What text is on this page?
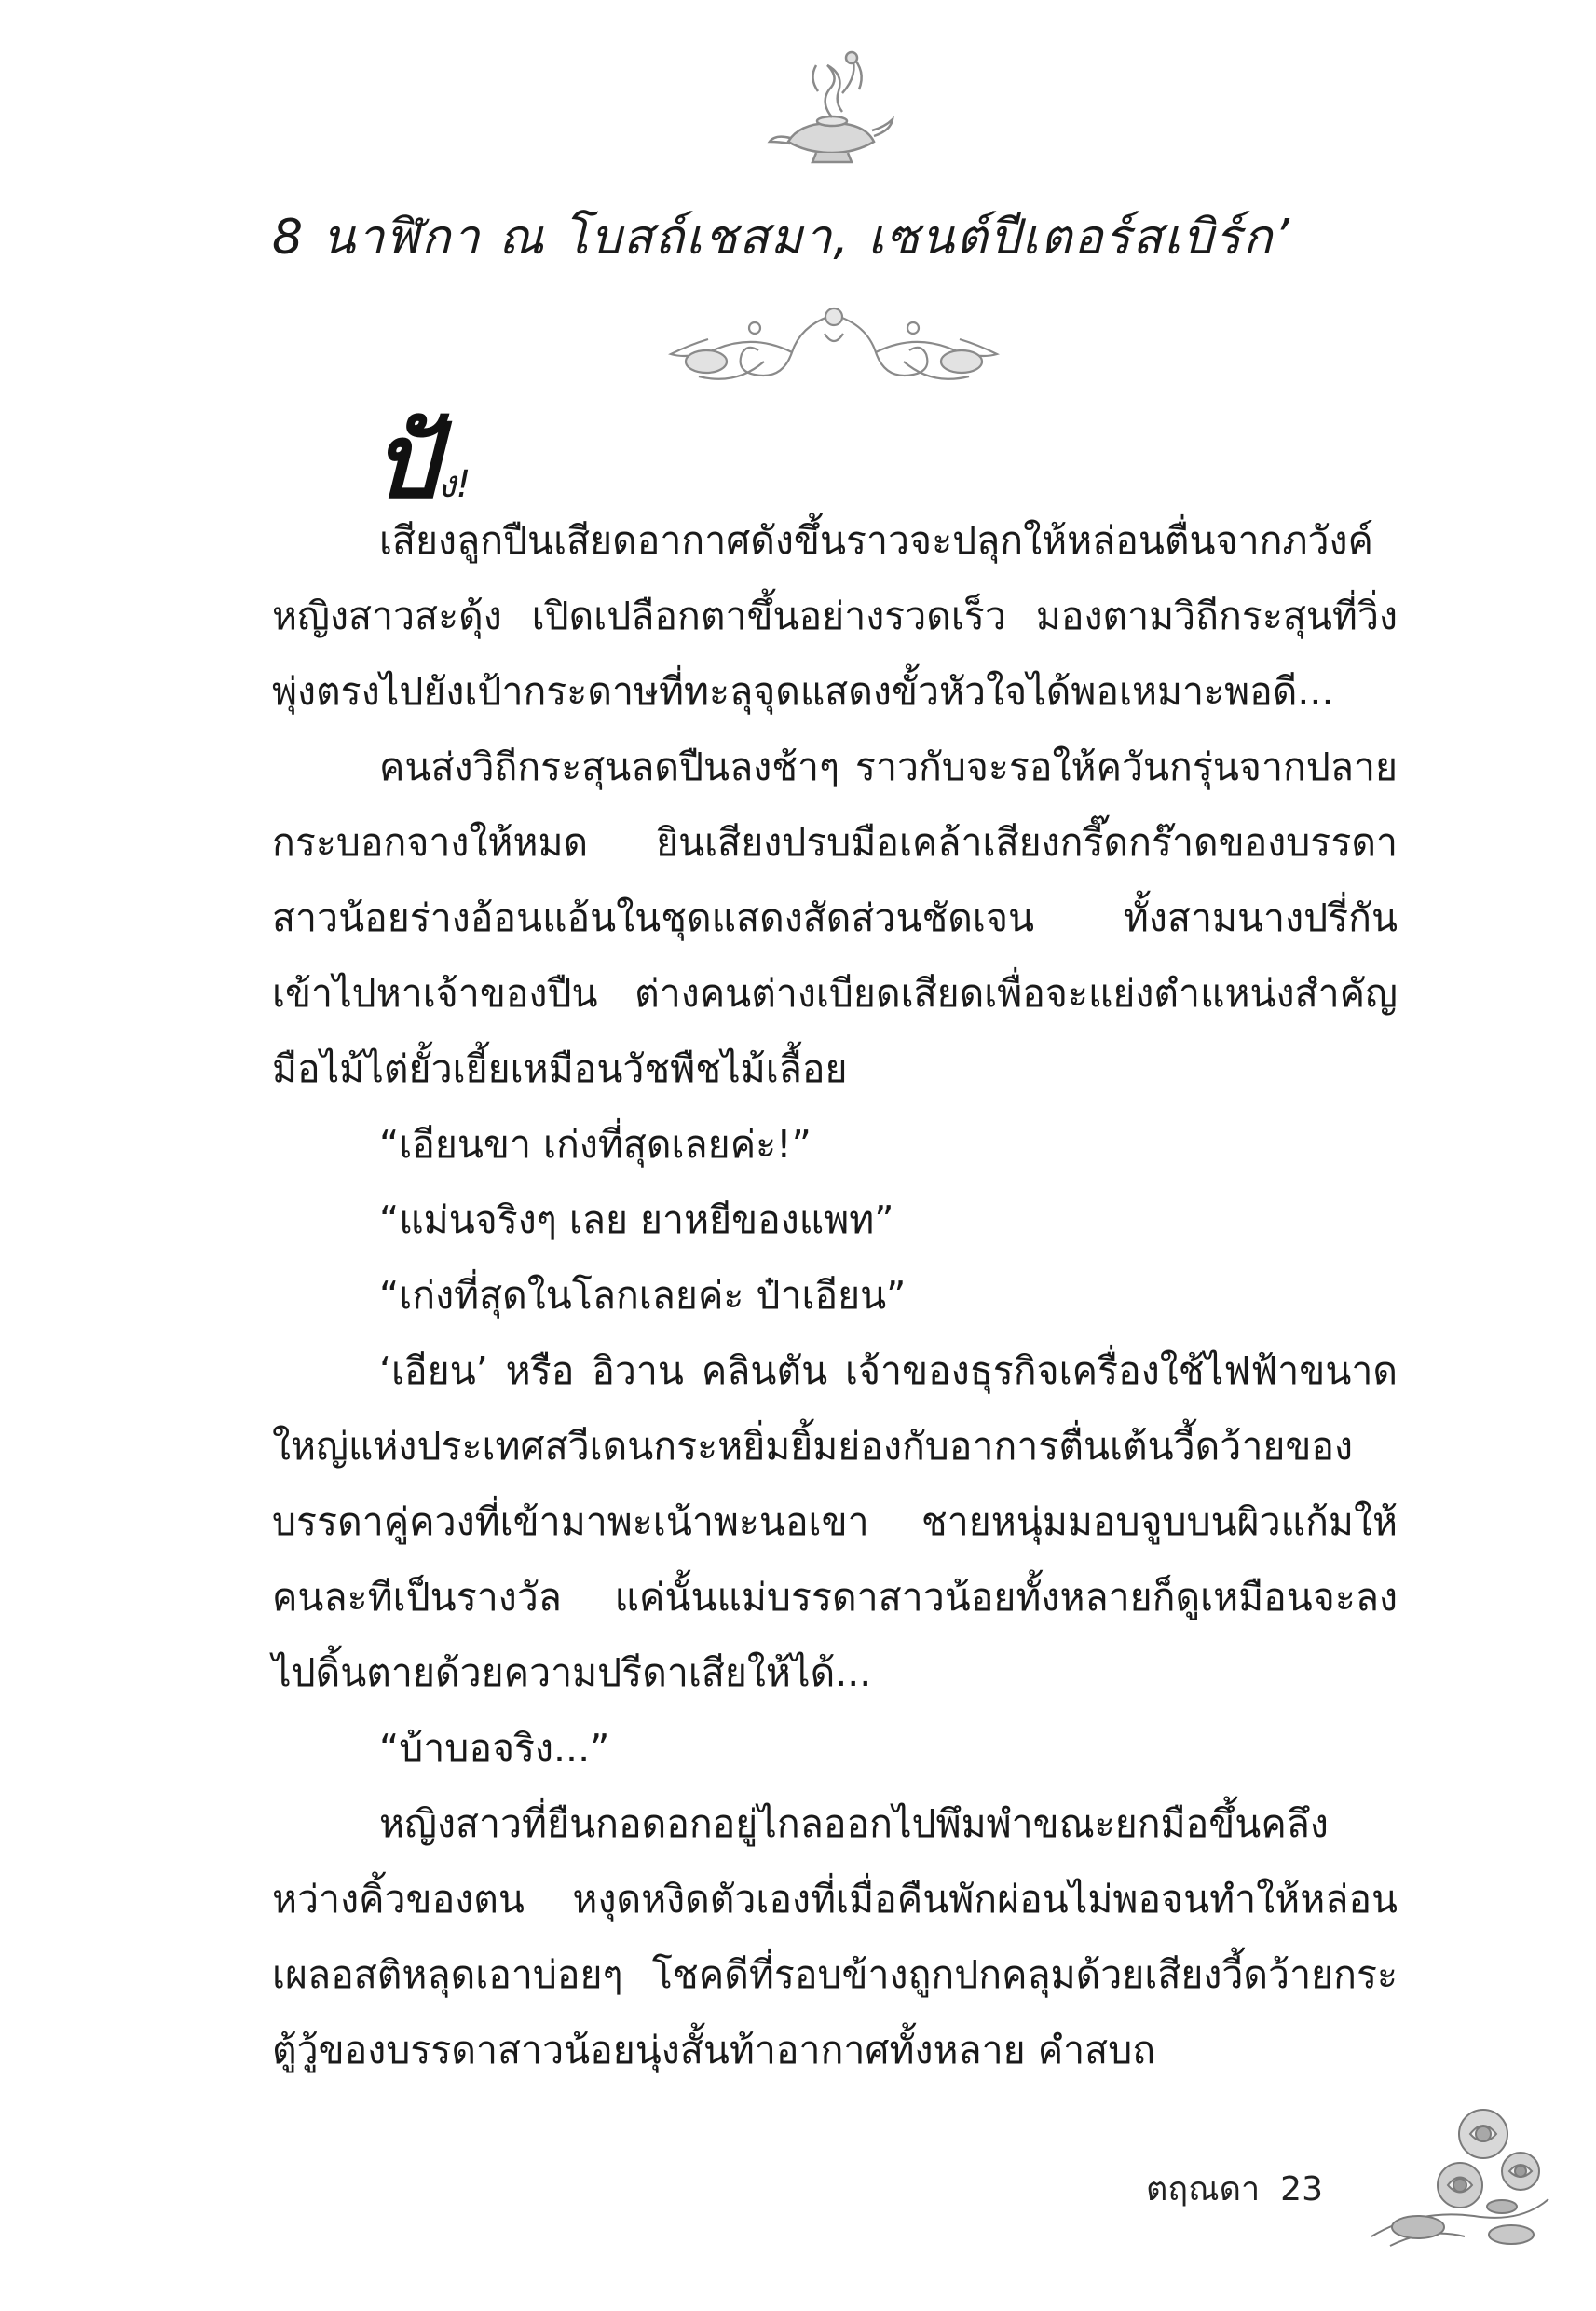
8 นาฬิกา ณ โบสถ์เชสมา, เซนต์ปีเตอร์สเบิร์ก’
ปัง!

เสียงลูกปืนเสียดอากาศดังขึ้นราวจะปลุกให้หล่อนตื่นจากภวังค์ หญิงสาวสะดุ้ง เปิดเปลือกตาขึ้นอย่างรวดเร็ว มองตามวิถีกระสุนที่วิ่งพุ่งตรงไปยังเป้ากระดาษที่ทะลุจุดแสดงขั้วหัวใจได้พอเหมาะพอดี...

คนส่งวิถีกระสุนลดปืนลงช้าๆ ราวกับจะรอให้ควันกรุ่นจากปลายกระบอกจางให้หมด ยินเสียงปรบมือเคล้าเสียงกรี๊ดกร๊าดของบรรดาสาวน้อยร่างอ้อนแอ้นในชุดแสดงสัดส่วนชัดเจน ทั้งสามนางปรี่กันเข้าไปหาเจ้าของปืน ต่างคนต่างเบียดเสียดเพื่อจะแย่งตำแหน่งสำคัญ มือไม้ไต่ยั้วเยี้ยเหมือนวัชพืชไม้เลื้อย

“เอียนขา เก่งที่สุดเลยค่ะ!”

“แม่นจริงๆ เลย ยาหยีของแพท”

“เก่งที่สุดในโลกเลยค่ะ ป๋าเอียน”

‘เอียน’ หรือ อิวาน คลินตัน เจ้าของธุรกิจเครื่องใช้ไฟฟ้าขนาดใหญ่แห่งประเทศสวีเดนกระหยิ่มยิ้มย่องกับอาการตื่นเต้นวี้ดว้ายของบรรดาคู่ควงที่เข้ามาพะเน้าพะนอเขา ชายหนุ่มมอบจูบบนผิวแก้มให้คนละทีเป็นรางวัล แค่นั้นแม่บรรดาสาวน้อยทั้งหลายก็ดูเหมือนจะลงไปดิ้นตายด้วยความปรีดาเสียให้ได้...

“บ้าบอจริง...”

หญิงสาวที่ยืนกอดอกอยู่ไกลออกไปพึมพำขณะยกมือขึ้นคลึงหว่างคิ้วของตน หงุดหงิดตัวเองที่เมื่อคืนพักผ่อนไม่พอจนทำให้หล่อนเผลอสติหลุดเอาบ่อยๆ โชคดีที่รอบข้างถูกปกคลุมด้วยเสียงวี้ดว้ายกระตู้วู้ของบรรดาสาวน้อยนุ่งสั้นท้าอากาศทั้งหลาย คำสบถ

ตฤณดา 23
